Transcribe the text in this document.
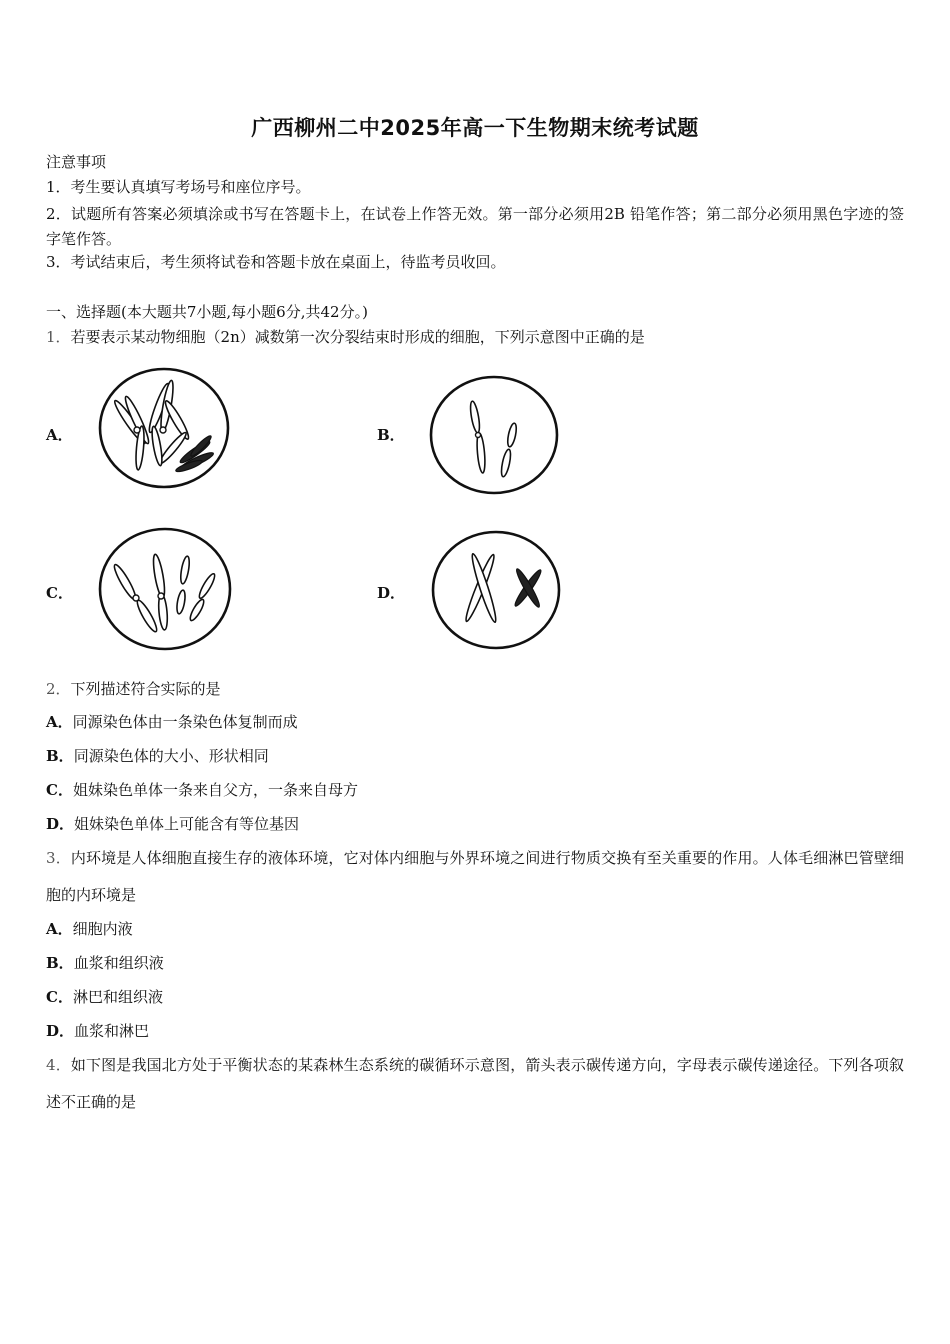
广西柳州二中2025年高一下生物期末统考试题
注意事项
1．考生要认真填写考场号和座位序号。
2．试题所有答案必须填涂或书写在答题卡上，在试卷上作答无效。第一部分必须用2B 铅笔作答；第二部分必须用黑色字迹的签字笔作答。
3．考试结束后，考生须将试卷和答题卡放在桌面上，待监考员收回。
一、选择题(本大题共7小题,每小题6分,共42分。)
1．若要表示某动物细胞（2n）减数第一次分裂结束时形成的细胞，下列示意图中正确的是
A．	B．
C．	D．
2．下列描述符合实际的是
A．同源染色体由一条染色体复制而成
B．同源染色体的大小、形状相同
C．姐妹染色单体一条来自父方，一条来自母方
D．姐妹染色单体上可能含有等位基因
3．内环境是人体细胞直接生存的液体环境，它对体内细胞与外界环境之间进行物质交换有至关重要的作用。人体毛细淋巴管壁细胞的内环境是
A．细胞内液
B．血浆和组织液
C．淋巴和组织液
D．血浆和淋巴
4．如下图是我国北方处于平衡状态的某森林生态系统的碳循环示意图，箭头表示碳传递方向，字母表示碳传递途径。下列各项叙述不正确的是
